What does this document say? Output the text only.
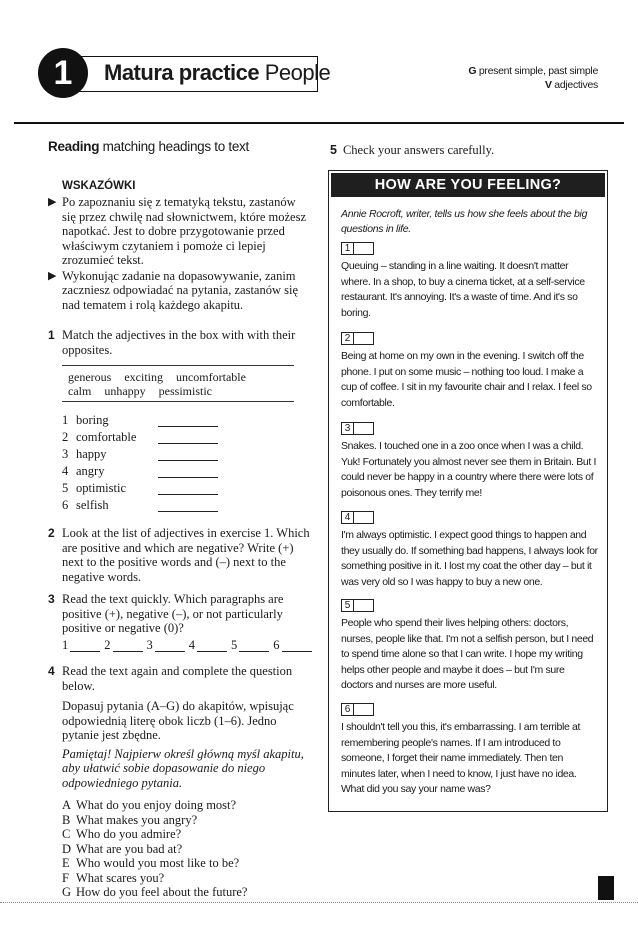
1	Matura practice People	G present simple, past simple
V adjectives
Reading matching headings to text
WSKAZÓWKI
▶ Po zapoznaniu się z tematyką tekstu, zastanów się przez chwilę nad słownictwem, które możesz napotkać. Jest to dobre przygotowanie przed właściwym czytaniem i pomoże ci lepiej zrozumieć tekst.
▶ Wykonując zadanie na dopasowywanie, zanim zaczniesz odpowiadać na pytania, zastanów się nad tematem i rolą każdego akapitu.
1 Match the adjectives in the box with with their opposites.
generous exciting uncomfortable calm unhappy pessimistic
1 boring
2 comfortable
3 happy
4 angry
5 optimistic
6 selfish
2 Look at the list of adjectives in exercise 1. Which are positive and which are negative? Write (+) next to the positive words and (–) next to the negative words.
3 Read the text quickly. Which paragraphs are positive (+), negative (–), or not particularly positive or negative (0)?
1	2	3	4	5	6
4 Read the text again and complete the question below.
Dopasuj pytania (A–G) do akapitów, wpisując odpowiednią literę obok liczb (1–6). Jedno pytanie jest zbędne.
Pamiętaj! Najpierw określ główną myśl akapitu, aby ułatwić sobie dopasowanie do niego odpowiedniego pytania.
A What do you enjoy doing most?
B What makes you angry?
C Who do you admire?
D What are you bad at?
E Who would you most like to be?
F What scares you?
G How do you feel about the future?
5 Check your answers carefully.
HOW ARE YOU FEELING?
Annie Rocroft, writer, tells us how she feels about the big questions in life.
1
Queuing – standing in a line waiting. It doesn't matter where. In a shop, to buy a cinema ticket, at a self-service restaurant. It's annoying. It's a waste of time. And it's so boring.
2
Being at home on my own in the evening. I switch off the phone. I put on some music – nothing too loud. I make a cup of coffee. I sit in my favourite chair and I relax. I feel so comfortable.
3
Snakes. I touched one in a zoo once when I was a child. Yuk! Fortunately you almost never see them in Britain. But I could never be happy in a country where there were lots of poisonous ones. They terrify me!
4
I'm always optimistic. I expect good things to happen and they usually do. If something bad happens, I always look for something positive in it. I lost my coat the other day – but it was very old so I was happy to buy a new one.
5
People who spend their lives helping others: doctors, nurses, people like that. I'm not a selfish person, but I need to spend time alone so that I can write. I hope my writing helps other people and maybe it does – but I'm sure doctors and nurses are more useful.
6
I shouldn't tell you this, it's embarrassing. I am terrible at remembering people's names. If I am introduced to someone, I forget their name immediately. Then ten minutes later, when I need to know, I just have no idea. What did you say your name was?
